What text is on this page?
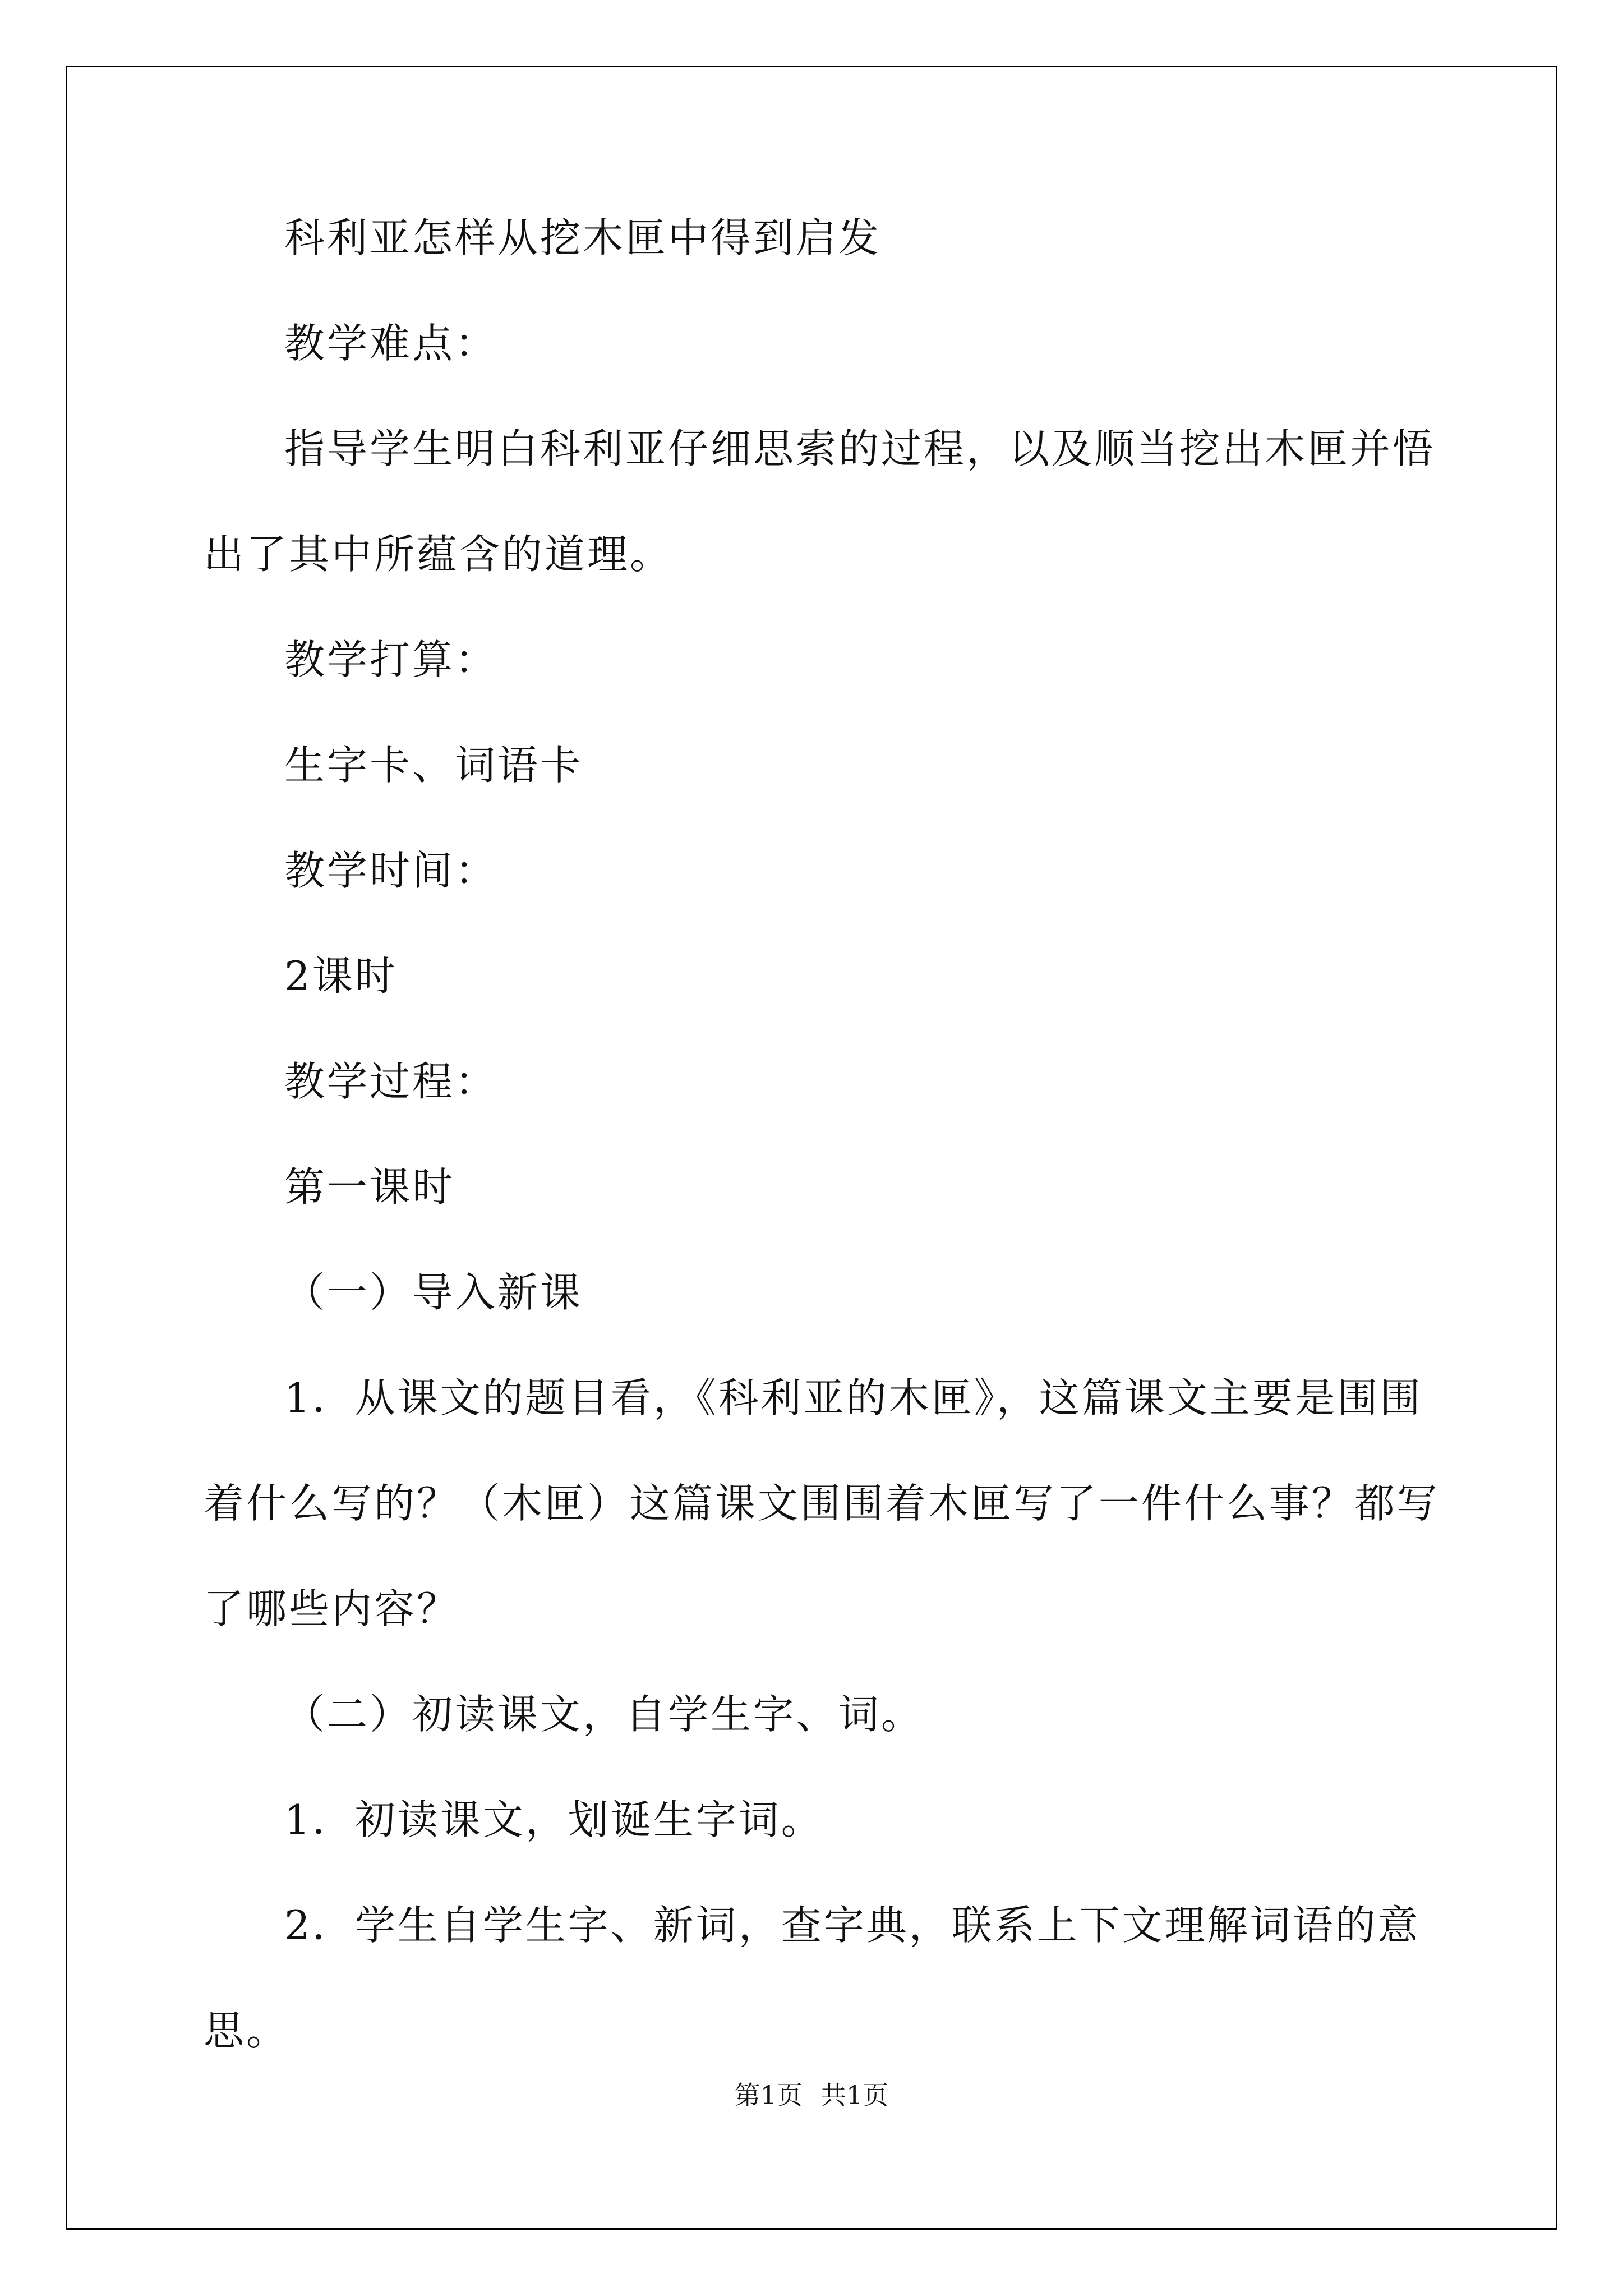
科利亚怎样从挖木匣中得到启发

教学难点：

指导学生明白科利亚仔细思索的过程，以及顺当挖出木匣并悟出了其中所蕴含的道理。

教学打算：

生字卡、词语卡

教学时间：

2课时

教学过程：

第一课时

（一）导入新课

1．从课文的题目看，《科利亚的木匣》，这篇课文主要是围围着什么写的？（木匣）这篇课文围围着木匣写了一件什么事？都写了哪些内容？

（二）初读课文，自学生字、词。

1．初读课文，划诞生字词。

2．学生自学生字、新词，查字典，联系上下文理解词语的意思。

第1页 共1页
